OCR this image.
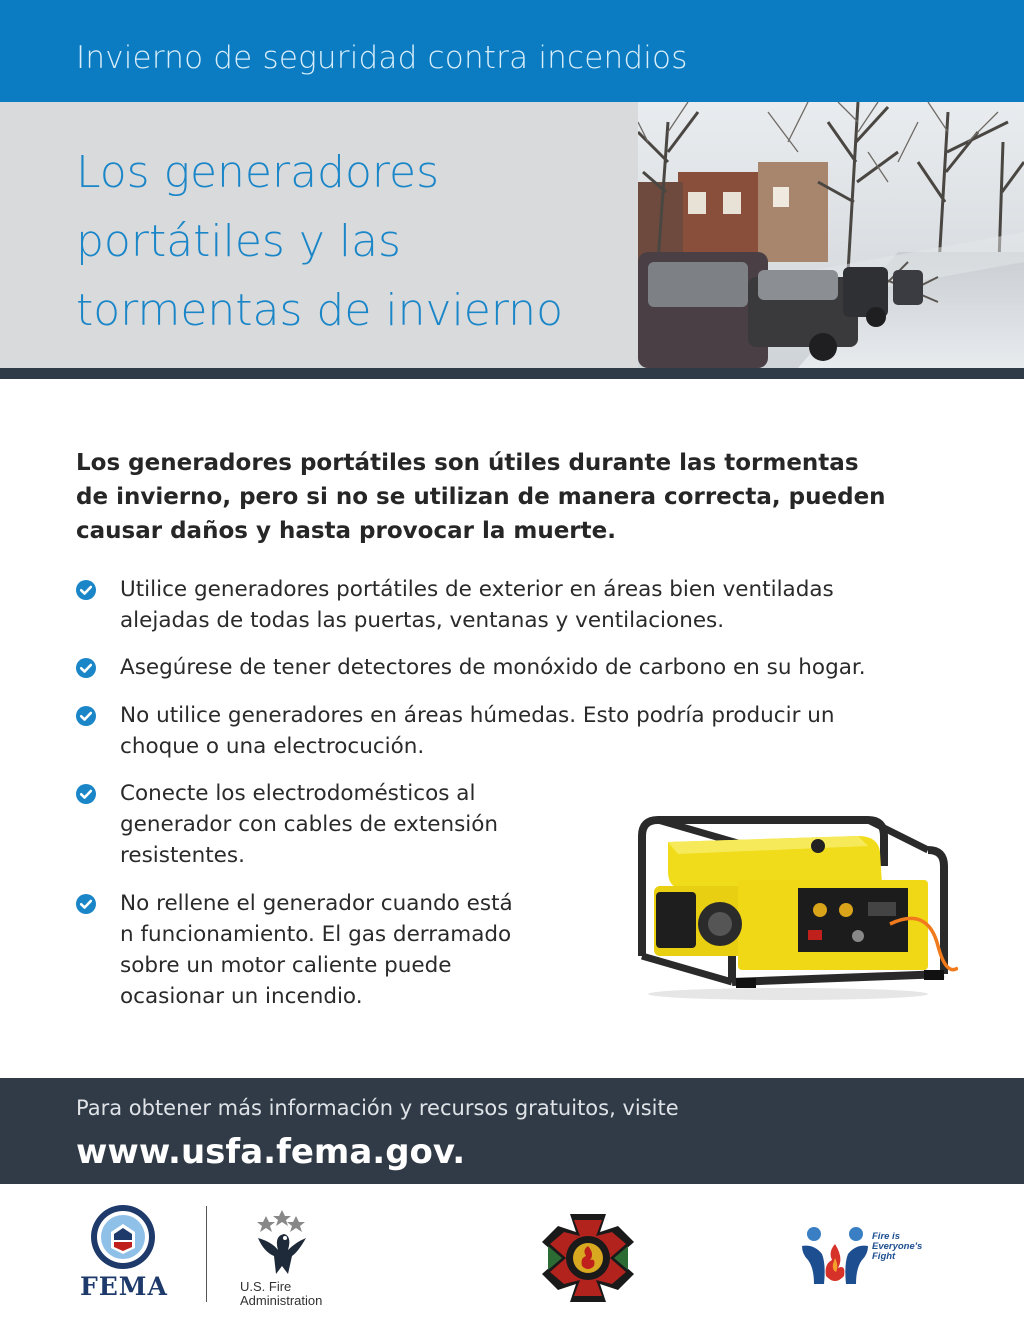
Invierno de seguridad contra incendios
Los generadores
portátiles y las
tormentas de invierno
Los generadores portátiles son útiles durante las tormentas
de invierno, pero si no se utilizan de manera correcta, pueden
causar daños y hasta provocar la muerte.
Utilice generadores portátiles de exterior en áreas bien ventiladas
alejadas de todas las puertas, ventanas y ventilaciones.
Asegúrese de tener detectores de monóxido de carbono en su hogar.
No utilice generadores en áreas húmedas. Esto podría producir un
choque o una electrocución.
Conecte los electrodomésticos al
generador con cables de extensión
resistentes.
No rellene el generador cuando está
n funcionamiento. El gas derramado
sobre un motor caliente puede
ocasionar un incendio.
Para obtener más información y recursos gratuitos, visite
www.usfa.fema.gov.
FEMA	U.S. Fire
Administration
Fire is
Everyone's
Fight
